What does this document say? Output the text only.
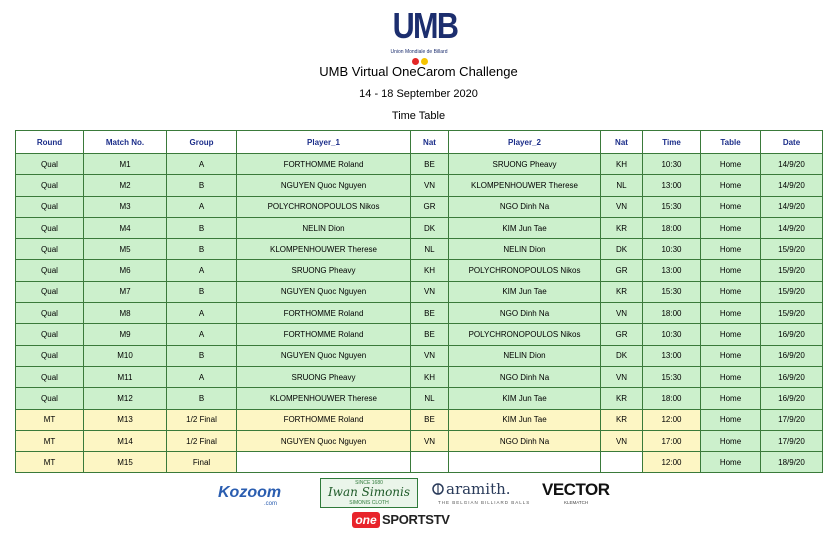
UMB
Union Mondiale de Billard
UMB Virtual OneCarom Challenge
14 - 18 September 2020
Time Table
Round	Match No.	Group	Player_1	Nat	Player_2	Nat	Time	Table	Date
Qual	M1	A	FORTHOMME Roland	BE	SRUONG Pheavy	KH	10:30	Home	14/9/20
Qual	M2	B	NGUYEN Quoc Nguyen	VN	KLOMPENHOUWER Therese	NL	13:00	Home	14/9/20
Qual	M3	A	POLYCHRONOPOULOS Nikos	GR	NGO Dinh Na	VN	15:30	Home	14/9/20
Qual	M4	B	NELIN Dion	DK	KIM Jun Tae	KR	18:00	Home	14/9/20
Qual	M5	B	KLOMPENHOUWER Therese	NL	NELIN Dion	DK	10:30	Home	15/9/20
Qual	M6	A	SRUONG Pheavy	KH	POLYCHRONOPOULOS Nikos	GR	13:00	Home	15/9/20
Qual	M7	B	NGUYEN Quoc Nguyen	VN	KIM Jun Tae	KR	15:30	Home	15/9/20
Qual	M8	A	FORTHOMME Roland	BE	NGO Dinh Na	VN	18:00	Home	15/9/20
Qual	M9	A	FORTHOMME Roland	BE	POLYCHRONOPOULOS Nikos	GR	10:30	Home	16/9/20
Qual	M10	B	NGUYEN Quoc Nguyen	VN	NELIN Dion	DK	13:00	Home	16/9/20
Qual	M11	A	SRUONG Pheavy	KH	NGO Dinh Na	VN	15:30	Home	16/9/20
Qual	M12	B	KLOMPENHOUWER Therese	NL	KIM Jun Tae	KR	18:00	Home	16/9/20
MT	M13	1/2 Final	FORTHOMME Roland	BE	KIM Jun Tae	KR	12:00	Home	17/9/20
MT	M14	1/2 Final	NGUYEN Quoc Nguyen	VN	NGO Dinh Na	VN	17:00	Home	17/9/20
MT	M15	Final					12:00	Home	18/9/20
Kozoom
.com
SINCE 1680
Iwan Simonis
SIMONIS CLOTH
aramith.
THE BELGIAN BILLIARD BALLS
VECTOR
KLEMATCH
one SPORTSTV
